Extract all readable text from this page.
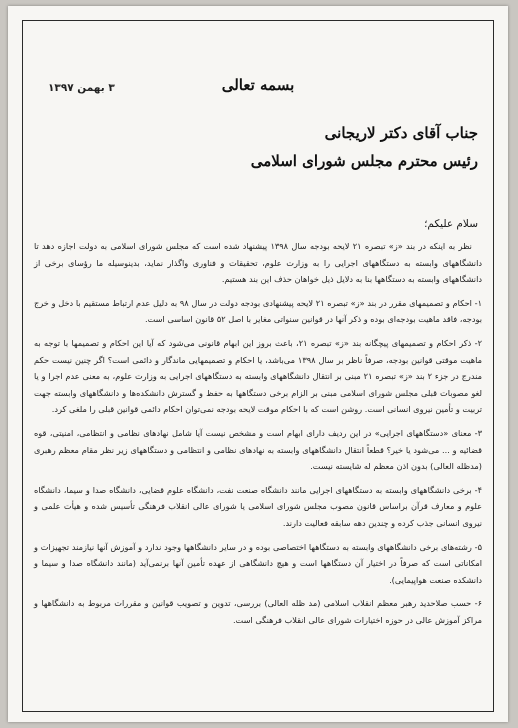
۳ بهمن ۱۳۹۷	بسمه تعالی
جناب آقای دکتر لاریجانی
رئیس محترم مجلس شورای اسلامی
سلام علیکم؛

نظر به اینکه در بند «ز» تبصره ۲۱ لایحه بودجه سال ۱۳۹۸ پیشنهاد شده است که مجلس شورای اسلامی به دولت اجازه دهد تا دانشگاههای وابسته به دستگاههای اجرایی را به وزارت علوم، تحقیقات و فناوری واگذار نماید، بدینوسیله ما رؤسای برخی از دانشگاههای وابسته به دستگاهها بنا به دلایل ذیل خواهان حذف این بند هستیم.

۱- احکام و تصمیمهای مقرر در بند «ز» تبصره ۲۱ لایحه پیشنهادی بودجه دولت در سال ۹۸ به دلیل عدم ارتباط مستقیم با دخل و خرج بودجه، فاقد ماهیت بودجه‌ای بوده و ذکر آنها در قوانین سنواتی مغایر با اصل ۵۲ قانون اساسی است.

۲- ذکر احکام و تصمیمهای پیچگانه بند «ز» تبصره ۲۱، باعث بروز این ابهام قانونی می‌شود که آیا این احکام و تصمیمها با توجه به ماهیت موقتی قوانین بودجه، صرفاً ناظر بر سال ۱۳۹۸ می‌باشد، یا احکام و تصمیمهایی ماندگار و دائمی است؟ اگر چنین نیست حکم مندرج در جزء ۲ بند «ز» تبصره ۲۱ مبنی بر انتقال دانشگاههای وابسته به دستگاههای اجرایی به وزارت علوم، به معنی عدم اجرا و یا لغو مصوبات قبلی مجلس شورای اسلامی مبنی بر الزام برخی دستگاهها به حفظ و گسترش دانشکده‌ها و دانشگاههای وابسته جهت تربیت و تأمین نیروی انسانی است. روشن است که با احکام موقت لایحه بودجه نمی‌توان احکام دائمی قوانین قبلی را ملغی کرد.

۳- معنای «دستگاههای اجرایی» در این ردیف دارای ابهام است و مشخص نیست آیا شامل نهادهای نظامی و انتظامی، امنیتی، قوه قضائیه و ... می‌شود یا خیر؟ قطعاً انتقال دانشگاههای وابسته به نهادهای نظامی و انتظامی و دستگاههای زیر نظر مقام معظم رهبری (مدظله العالی) بدون اذن معظم له شایسته نیست.

۴- برخی دانشگاههای وابسته به دستگاههای اجرایی مانند دانشگاه صنعت نفت، دانشگاه علوم قضایی، دانشگاه صدا و سیما، دانشگاه علوم و معارف قرآن براساس قانون مصوب مجلس شورای اسلامی یا شورای عالی انقلاب فرهنگی تأسیس شده و هیأت علمی و نیروی انسانی جذب کرده و چندین دهه سابقه فعالیت دارند.

۵- رشته‌های برخی دانشگاههای وابسته به دستگاهها اختصاصی بوده و در سایر دانشگاهها وجود ندارد و آموزش آنها نیازمند تجهیزات و امکاناتی است که صرفاً در اختیار آن دستگاهها است و هیچ دانشگاهی از عهده تأمین آنها برنمی‌آید (مانند دانشگاه صدا و سیما و دانشکده صنعت هواپیمایی).

۶- حسب صلاحدید رهبر معظم انقلاب اسلامی (مد ظله العالی) بررسی، تدوین و تصویب قوانین و مقررات مربوط به دانشگاهها و مراکز آموزش عالی در حوزه اختیارات شورای عالی انقلاب فرهنگی است.
